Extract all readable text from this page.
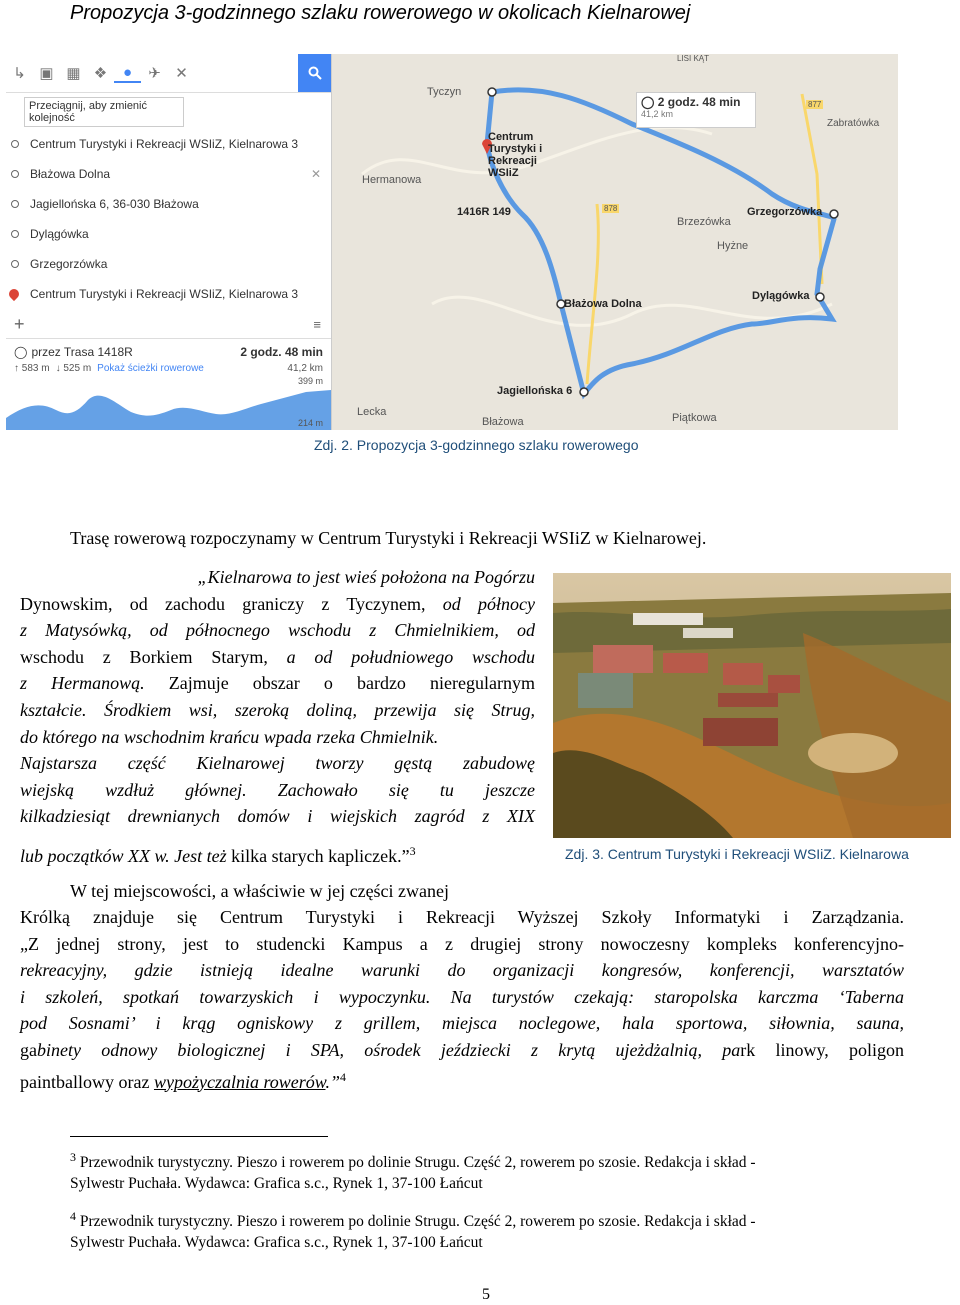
Propozycja 3-godzinnego szlaku rowerowego w okolicach Kielnarowej
↳ ▣ ▦ ❖	●	✈ ✕
Przeciągnij, aby zmienić kolejność
Centrum Turystyki i Rekreacji WSIiZ, Kielnarowa 3
Błażowa Dolna	✕
Jagiellońska 6, 36-030 Błażowa
Dylągówka
Grzegorzówka
Centrum Turystyki i Rekreacji WSIiZ, Kielnarowa 3
+	≡
◯ przez Trasa 1418R	2 godz. 48 min
↑ 583 m ↓ 525 m Pokaż ścieżki rowerowe	41,2 km
399 m
214 m
Tyczyn
Centrum Turystyki i Rekreacji WSIiZ
Zabratówka
Hermanowa
1416R 149
Brzezówka
Grzegorzówka
Hyżne
Dylągówka
Błażowa Dolna
Jagiellońska 6
Lecka
Błażowa	Piątkowa
LISI KĄT
877
878
◯ 2 godz. 48 min
41,2 km
Zdj. 2. Propozycja 3-godzinnego szlaku rowerowego
Trasę rowerową rozpoczynamy w Centrum Turystyki i Rekreacji WSIiZ w Kielnarowej.
„Kielnarowa to jest wieś położona na Pogórzu
Dynowskim, od zachodu graniczy z Tyczynem, od północy
z Matysówką, od północnego wschodu z Chmielnikiem, od
wschodu z Borkiem Starym, a od południowego wschodu
z Hermanową. Zajmuje obszar o bardzo nieregularnym
kształcie. Środkiem wsi, szeroką doliną, przewija się Strug,
do którego na wschodnim krańcu wpada rzeka Chmielnik.
Najstarsza część Kielnarowej tworzy gęstą zabudowę
wiejską wzdłuż głównej. Zachowało się tu jeszcze
kilkadziesiąt drewnianych domów i wiejskich zagród z XIX
lub początków XX w. Jest też kilka starych kapliczek.”$^3$	Zdj. 3. Centrum Turystyki i Rekreacji WSIiZ. Kielnarowa
W tej miejscowości, a właściwie w jej części zwanej
Królką znajduje się Centrum Turystyki i Rekreacji Wyższej Szkoły Informatyki i Zarządzania.
„Z jednej strony, jest to studencki Kampus a z drugiej strony nowoczesny kompleks konferencyjno-
rekreacyjny, gdzie istnieją idealne warunki do organizacji kongresów, konferencji, warsztatów
i szkoleń, spotkań towarzyskich i wypoczynku. Na turystów czekają: staropolska karczma ‘Taberna
pod Sosnami’ i krąg ogniskowy z grillem, miejsca noclegowe, hala sportowa, siłownia, sauna,
gabinety odnowy biologicznej i SPA, ośrodek jeździecki z krytą ujeżdżalnią, park linowy, poligon
paintballowy oraz wypożyczalnia rowerów.”$^4$
$^3$ Przewodnik turystyczny. Pieszo i rowerem po dolinie Strugu. Część 2, rowerem po szosie. Redakcja i skład -
Sylwestr Puchała. Wydawca: Grafica s.c., Rynek 1, 37-100 Łańcut
$^4$ Przewodnik turystyczny. Pieszo i rowerem po dolinie Strugu. Część 2, rowerem po szosie. Redakcja i skład -
Sylwestr Puchała. Wydawca: Grafica s.c., Rynek 1, 37-100 Łańcut
5
